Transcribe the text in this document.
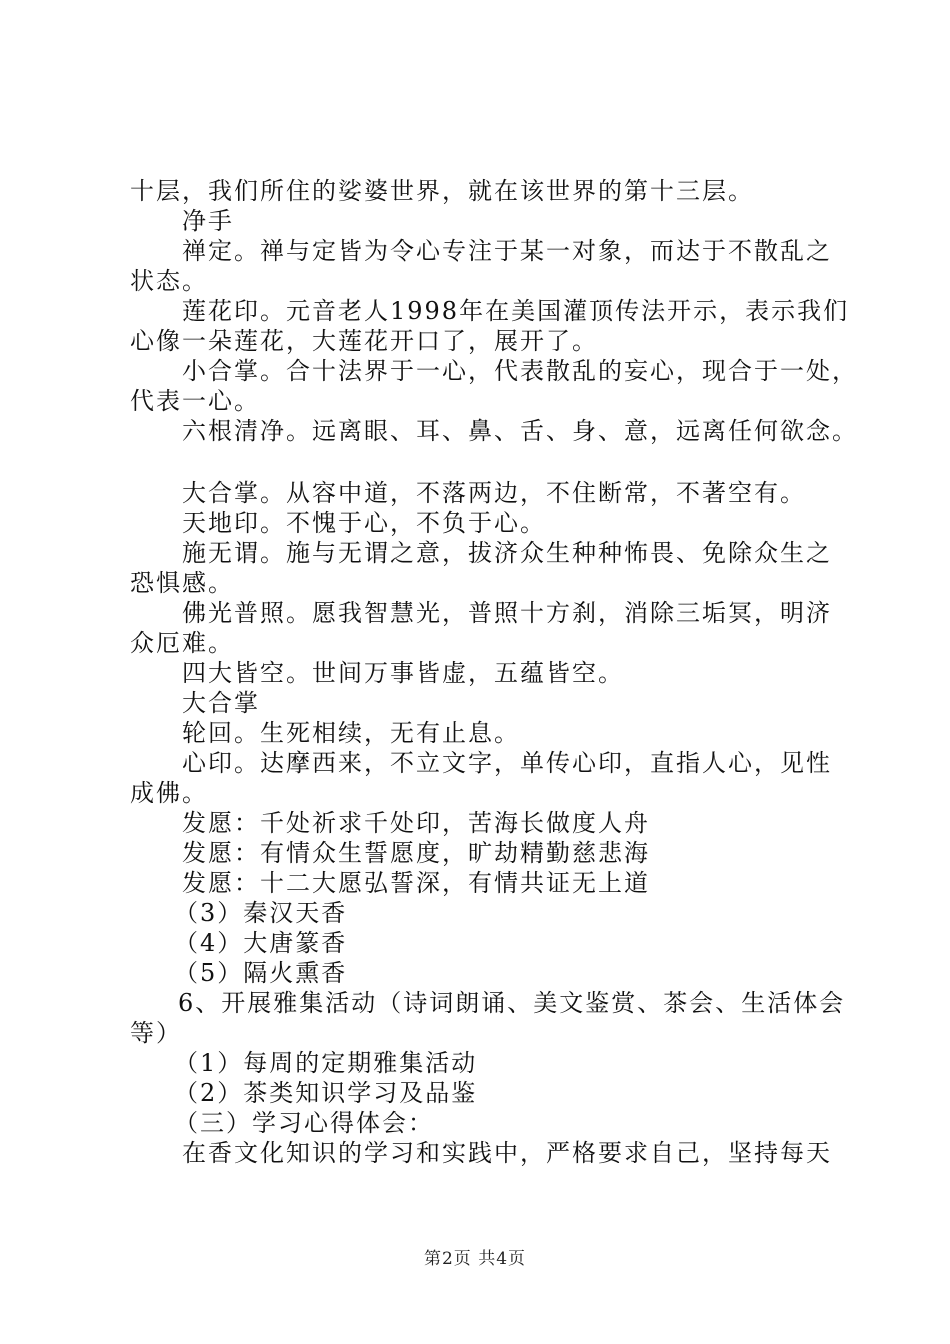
十层，我们所住的娑婆世界，就在该世界的第十三层。
净手
禅定。禅与定皆为令心专注于某一对象，而达于不散乱之
状态。
莲花印。元音老人1998年在美国灌顶传法开示，表示我们
心像一朵莲花，大莲花开口了，展开了。
小合掌。合十法界于一心，代表散乱的妄心，现合于一处，
代表一心。
六根清净。远离眼、耳、鼻、舌、身、意，远离任何欲念。
大合掌。从容中道，不落两边，不住断常，不著空有。
天地印。不愧于心，不负于心。
施无谓。施与无谓之意，拔济众生种种怖畏、免除众生之
恐惧感。
佛光普照。愿我智慧光，普照十方刹，消除三垢冥，明济
众厄难。
四大皆空。世间万事皆虚，五蕴皆空。
大合掌
轮回。生死相续，无有止息。
心印。达摩西来，不立文字，单传心印，直指人心，见性
成佛。
发愿：千处祈求千处印，苦海长做度人舟
发愿：有情众生誓愿度，旷劫精勤慈悲海
发愿：十二大愿弘誓深，有情共证无上道
（3）秦汉天香
（4）大唐篆香
（5）隔火熏香
6、开展雅集活动（诗词朗诵、美文鉴赏、茶会、生活体会
等）
（1）每周的定期雅集活动
（2）茶类知识学习及品鉴
（三）学习心得体会：
在香文化知识的学习和实践中，严格要求自己，坚持每天
第2页 共4页
